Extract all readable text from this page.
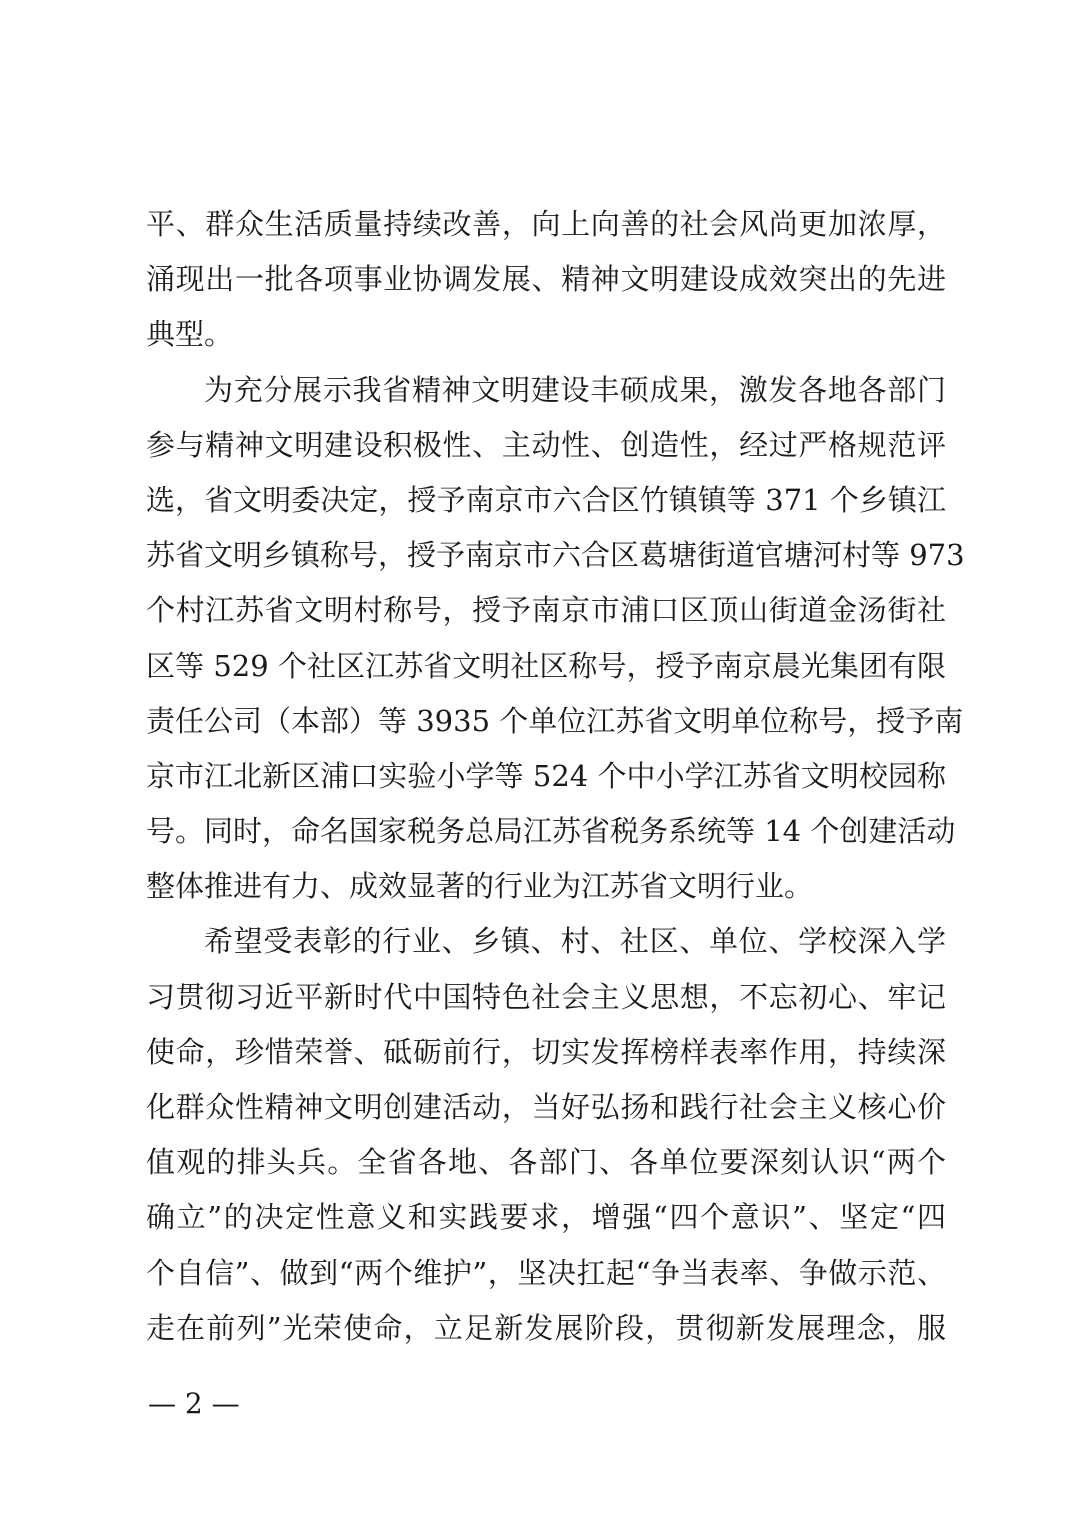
平、群众生活质量持续改善，向上向善的社会风尚更加浓厚，
涌现出一批各项事业协调发展、精神文明建设成效突出的先进
典型。
为充分展示我省精神文明建设丰硕成果，激发各地各部门
参与精神文明建设积极性、主动性、创造性，经过严格规范评
选，省文明委决定，授予南京市六合区竹镇镇等 371 个乡镇江
苏省文明乡镇称号，授予南京市六合区葛塘街道官塘河村等 973
个村江苏省文明村称号，授予南京市浦口区顶山街道金汤街社
区等 529 个社区江苏省文明社区称号，授予南京晨光集团有限
责任公司（本部）等 3935 个单位江苏省文明单位称号，授予南
京市江北新区浦口实验小学等 524 个中小学江苏省文明校园称
号。同时，命名国家税务总局江苏省税务系统等 14 个创建活动
整体推进有力、成效显著的行业为江苏省文明行业。
希望受表彰的行业、乡镇、村、社区、单位、学校深入学
习贯彻习近平新时代中国特色社会主义思想，不忘初心、牢记
使命，珍惜荣誉、砥砺前行，切实发挥榜样表率作用，持续深
化群众性精神文明创建活动，当好弘扬和践行社会主义核心价
值观的排头兵。全省各地、各部门、各单位要深刻认识“两个
确立”的决定性意义和实践要求，增强“四个意识”、坚定“四
个自信”、做到“两个维护”，坚决扛起“争当表率、争做示范、
走在前列”光荣使命，立足新发展阶段，贯彻新发展理念，服
— 2 —
